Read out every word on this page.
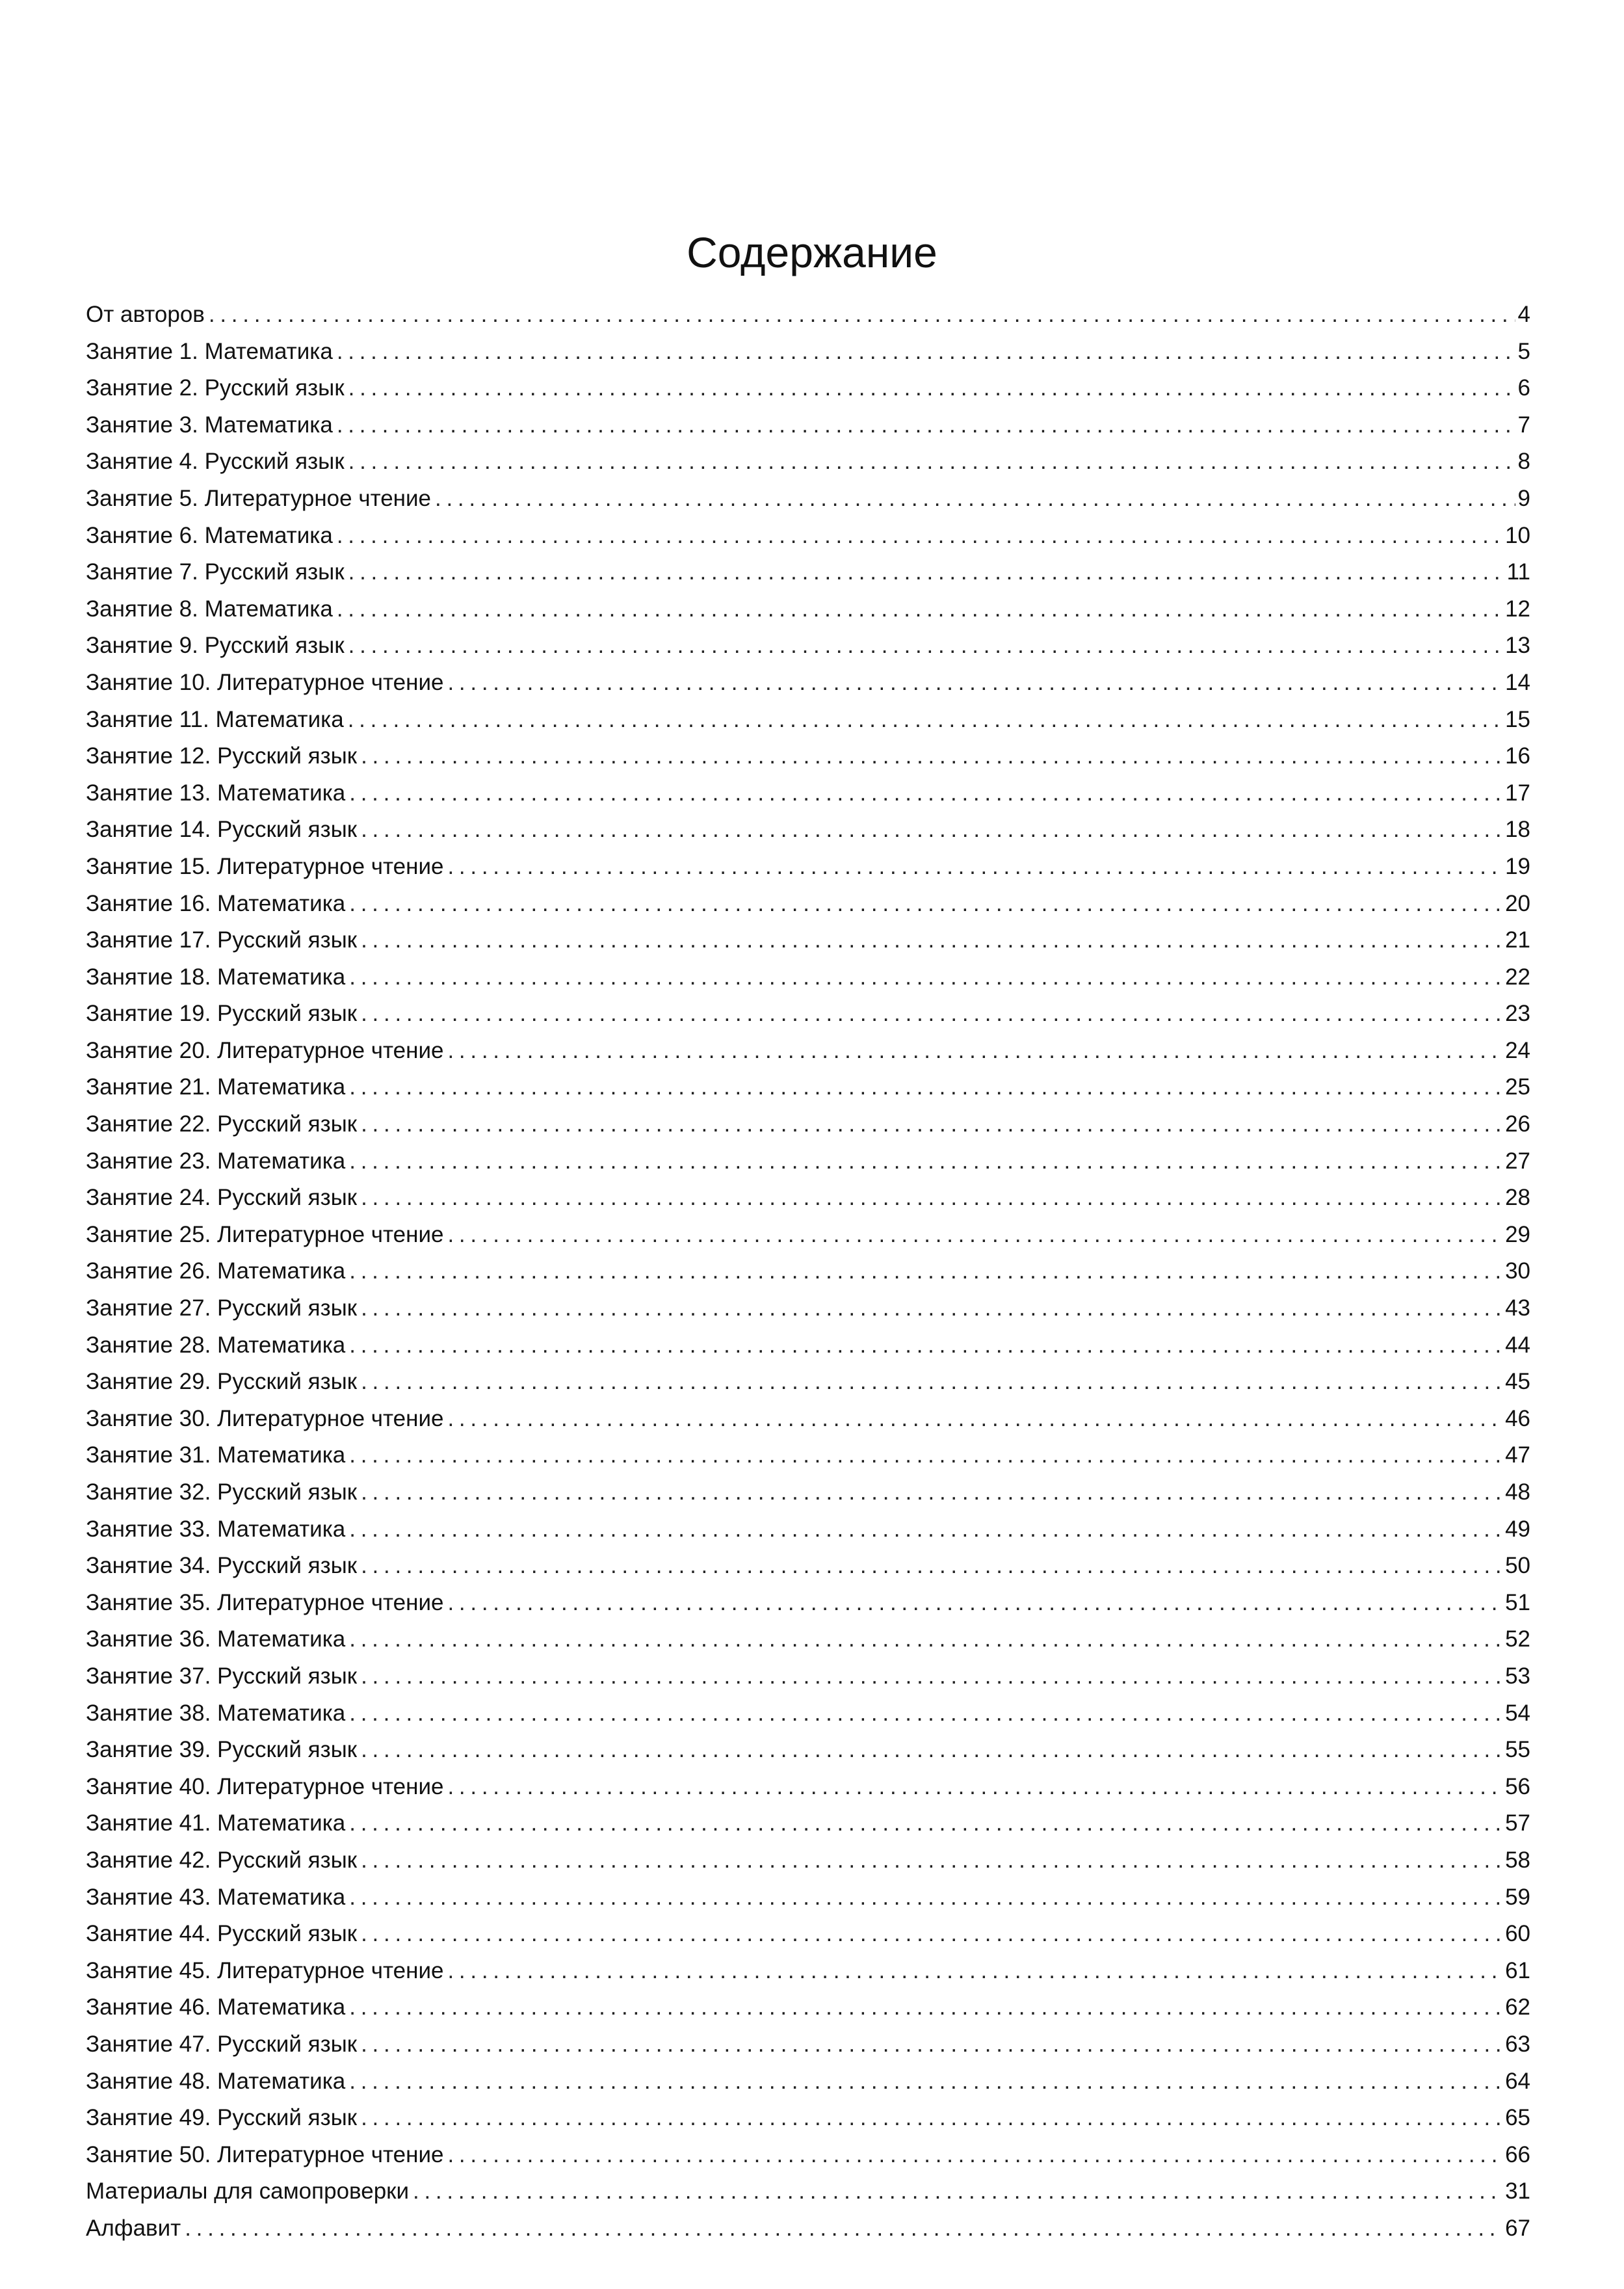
Содержание
От авторов . . .	4
Занятие 1. Математика . . .	5
Занятие 2. Русский язык . . .	6
Занятие 3. Математика . . .	7
Занятие 4. Русский язык . . .	8
Занятие 5. Литературное чтение . . .	9
Занятие 6. Математика . . .	10
Занятие 7. Русский язык . . .	11
Занятие 8. Математика . . .	12
Занятие 9. Русский язык . . .	13
Занятие 10. Литературное чтение . . .	14
Занятие 11. Математика . . .	15
Занятие 12. Русский язык . . .	16
Занятие 13. Математика . . .	17
Занятие 14. Русский язык . . .	18
Занятие 15. Литературное чтение . . .	19
Занятие 16. Математика . . .	20
Занятие 17. Русский язык . . .	21
Занятие 18. Математика . . .	22
Занятие 19. Русский язык . . .	23
Занятие 20. Литературное чтение . . .	24
Занятие 21. Математика . . .	25
Занятие 22. Русский язык . . .	26
Занятие 23. Математика . . .	27
Занятие 24. Русский язык . . .	28
Занятие 25. Литературное чтение . . .	29
Занятие 26. Математика . . .	30
Занятие 27. Русский язык . . .	43
Занятие 28. Математика . . .	44
Занятие 29. Русский язык . . .	45
Занятие 30. Литературное чтение . . .	46
Занятие 31. Математика . . .	47
Занятие 32. Русский язык . . .	48
Занятие 33. Математика . . .	49
Занятие 34. Русский язык . . .	50
Занятие 35. Литературное чтение . . .	51
Занятие 36. Математика . . .	52
Занятие 37. Русский язык . . .	53
Занятие 38. Математика . . .	54
Занятие 39. Русский язык . . .	55
Занятие 40. Литературное чтение . . .	56
Занятие 41. Математика . . .	57
Занятие 42. Русский язык . . .	58
Занятие 43. Математика . . .	59
Занятие 44. Русский язык . . .	60
Занятие 45. Литературное чтение . . .	61
Занятие 46. Математика . . .	62
Занятие 47. Русский язык . . .	63
Занятие 48. Математика . . .	64
Занятие 49. Русский язык . . .	65
Занятие 50. Литературное чтение . . .	66
Материалы для самопроверки . . .	31
Алфавит . . .	67
